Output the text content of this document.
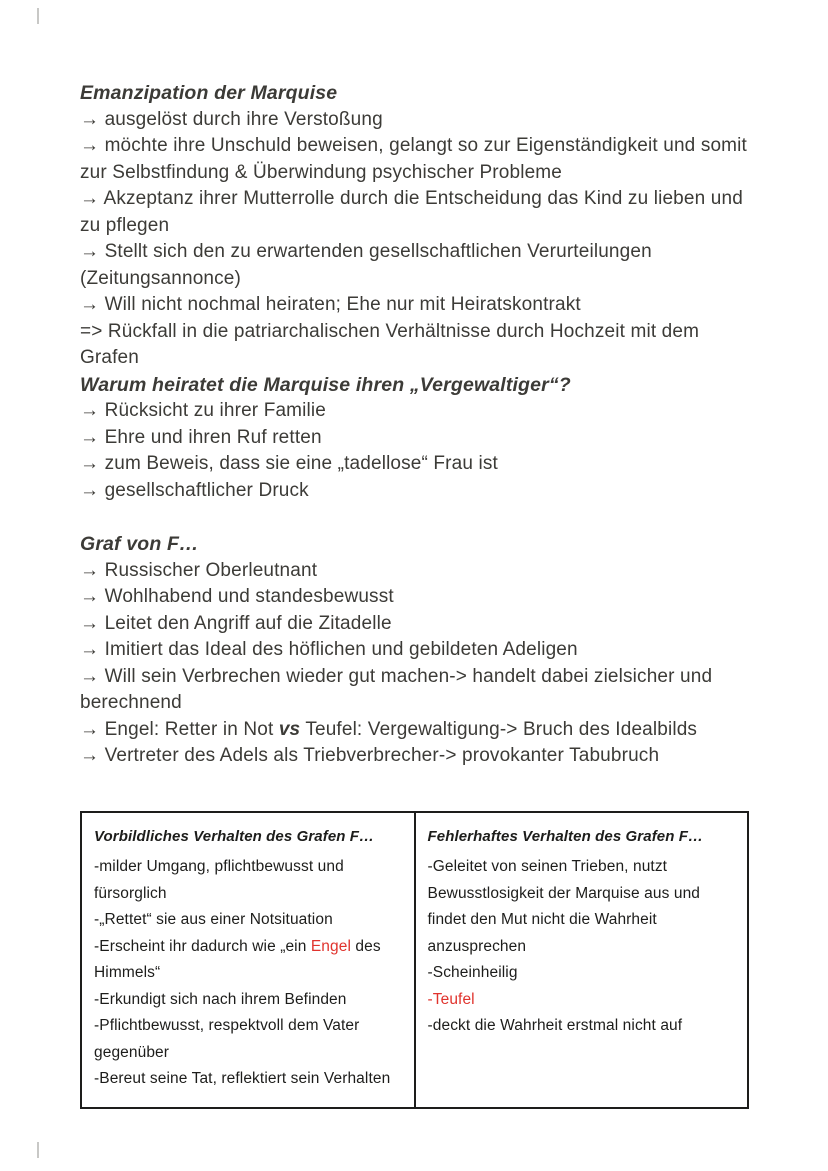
Emanzipation der Marquise
→ ausgelöst durch ihre Verstoßung
→ möchte ihre Unschuld beweisen, gelangt so zur Eigenständigkeit und somit zur Selbstfindung & Überwindung psychischer Probleme
→ Akzeptanz ihrer Mutterrolle durch die Entscheidung das Kind zu lieben und zu pflegen
→ Stellt sich den zu erwartenden gesellschaftlichen Verurteilungen (Zeitungsannonce)
→ Will nicht nochmal heiraten; Ehe nur mit Heiratskontrakt
=> Rückfall in die patriarchalischen Verhältnisse durch Hochzeit mit dem Grafen
Warum heiratet die Marquise ihren „Vergewaltiger“?
→ Rücksicht zu ihrer Familie
→ Ehre und ihren Ruf retten
→ zum Beweis, dass sie eine „tadellose“ Frau ist
→ gesellschaftlicher Druck
Graf von F…
→ Russischer Oberleutnant
→ Wohlhabend und standesbewusst
→ Leitet den Angriff auf die Zitadelle
→ Imitiert das Ideal des höflichen und gebildeten Adeligen
→ Will sein Verbrechen wieder gut machen-> handelt dabei zielsicher und berechnend
→ Engel: Retter in Not vs Teufel: Vergewaltigung-> Bruch des Idealbilds
→ Vertreter des Adels als Triebverbrecher-> provokanter Tabubruch
Vorbildliches Verhalten des Grafen F…
-milder Umgang, pflichtbewusst und fürsorglich
-„Rettet“ sie aus einer Notsituation
-Erscheint ihr dadurch wie „ein Engel des Himmels“
-Erkundigt sich nach ihrem Befinden
-Pflichtbewusst, respektvoll dem Vater gegenüber
-Bereut seine Tat, reflektiert sein Verhalten

Fehlerhaftes Verhalten des Grafen F…
-Geleitet von seinen Trieben, nutzt Bewusstlosigkeit der Marquise aus und findet den Mut nicht die Wahrheit anzusprechen
-Scheinheilig
-Teufel
-deckt die Wahrheit erstmal nicht auf
